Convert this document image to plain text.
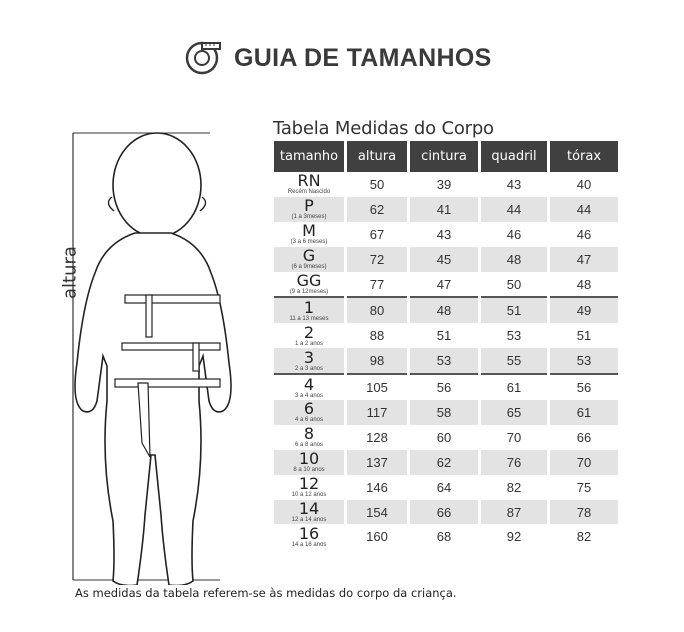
GUIA DE TAMANHOS
altura
Tabela Medidas do Corpo
tamanho	altura	cintura	quadril	tórax

RN
Recém Nascido	50	39	43	40

P
(1 a 3meses)	62	41	44	44

M
(3 a 6 meses)	67	43	46	46

G
(6 a 9meses)	72	45	48	47

GG
(9 a 12meses)	77	47	50	48

1
11 a 13 meses	80	48	51	49

2
1 a 2 anos	88	51	53	51

3
2 a 3 anos	98	53	55	53

4
3 a 4 anos	105	56	61	56

6
4 a 6 anos	117	58	65	61

8
6 a 8 anos	128	60	70	66

10
8 a 10 anos	137	62	76	70

12
10 a 12 anos	146	64	82	75

14
12 a 14 anos	154	66	87	78

16
14 a 16 anos	160	68	92	82
As medidas da tabela referem-se às medidas do corpo da criança.
